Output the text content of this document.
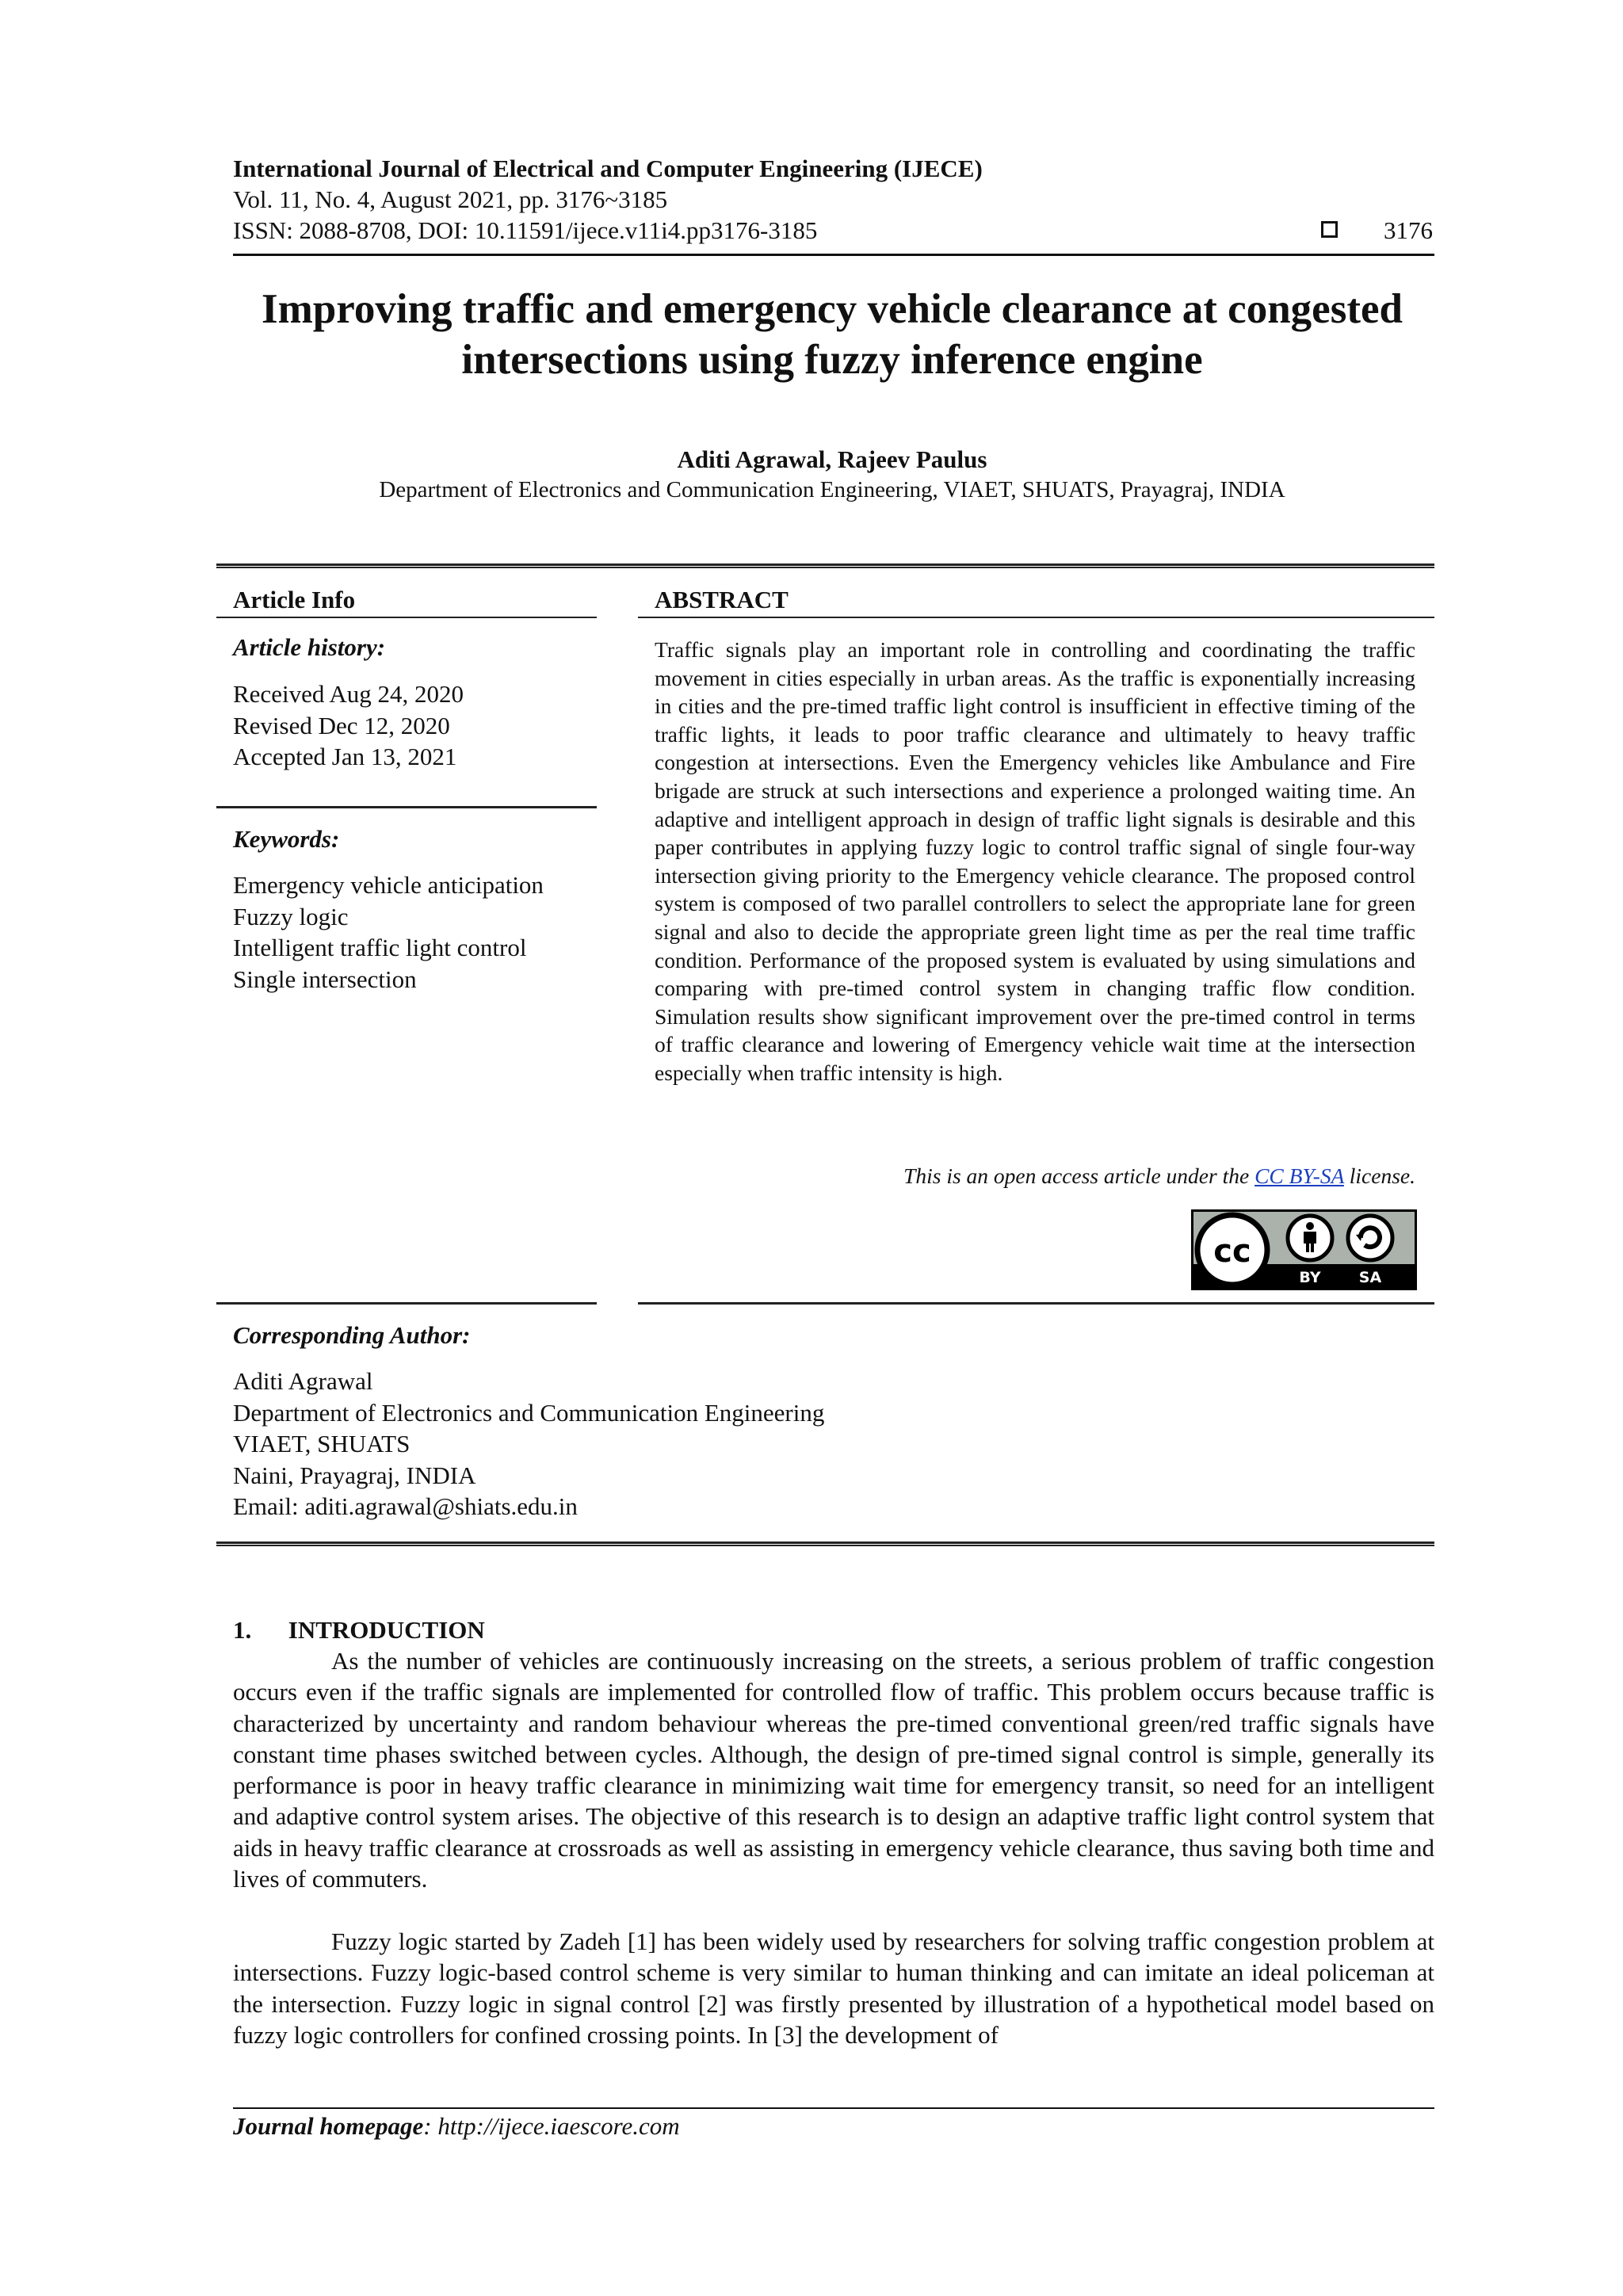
International Journal of Electrical and Computer Engineering (IJECE)
Vol. 11, No. 4, August 2021, pp. 3176~3185
ISSN: 2088-8708, DOI: 10.11591/ijece.v11i4.pp3176-3185	3176
Improving traffic and emergency vehicle clearance at congested intersections using fuzzy inference engine
Aditi Agrawal, Rajeev Paulus
Department of Electronics and Communication Engineering, VIAET, SHUATS, Prayagraj, INDIA
Article Info	ABSTRACT
Article history:
Received Aug 24, 2020
Revised Dec 12, 2020
Accepted Jan 13, 2021
Keywords:
Emergency vehicle anticipation
Fuzzy logic
Intelligent traffic light control
Single intersection
Traffic signals play an important role in controlling and coordinating the traffic movement in cities especially in urban areas. As the traffic is exponentially increasing in cities and the pre-timed traffic light control is insufficient in effective timing of the traffic lights, it leads to poor traffic clearance and ultimately to heavy traffic congestion at intersections. Even the Emergency vehicles like Ambulance and Fire brigade are struck at such intersections and experience a prolonged waiting time. An adaptive and intelligent approach in design of traffic light signals is desirable and this paper contributes in applying fuzzy logic to control traffic signal of single four-way intersection giving priority to the Emergency vehicle clearance. The proposed control system is composed of two parallel controllers to select the appropriate lane for green signal and also to decide the appropriate green light time as per the real time traffic condition. Performance of the proposed system is evaluated by using simulations and comparing with pre-timed control system in changing traffic flow condition. Simulation results show significant improvement over the pre-timed control in terms of traffic clearance and lowering of Emergency vehicle wait time at the intersection especially when traffic intensity is high.
This is an open access article under the CC BY-SA license.
cc
BY	SA
Corresponding Author:
Aditi Agrawal
Department of Electronics and Communication Engineering
VIAET, SHUATS
Naini, Prayagraj, INDIA
Email: aditi.agrawal@shiats.edu.in
1.      INTRODUCTION
As the number of vehicles are continuously increasing on the streets, a serious problem of traffic congestion occurs even if the traffic signals are implemented for controlled flow of traffic. This problem occurs because traffic is characterized by uncertainty and random behaviour whereas the pre-timed conventional green/red traffic signals have constant time phases switched between cycles. Although, the design of pre-timed signal control is simple, generally its performance is poor in heavy traffic clearance in minimizing wait time for emergency transit, so need for an intelligent and adaptive control system arises. The objective of this research is to design an adaptive traffic light control system that aids in heavy traffic clearance at crossroads as well as assisting in emergency vehicle clearance, thus saving both time and lives of commuters.
Fuzzy logic started by Zadeh [1] has been widely used by researchers for solving traffic congestion problem at intersections. Fuzzy logic-based control scheme is very similar to human thinking and can imitate an ideal policeman at the intersection. Fuzzy logic in signal control [2] was firstly presented by illustration of a hypothetical model based on fuzzy logic controllers for confined crossing points. In [3] the development of
Journal homepage: http://ijece.iaescore.com
